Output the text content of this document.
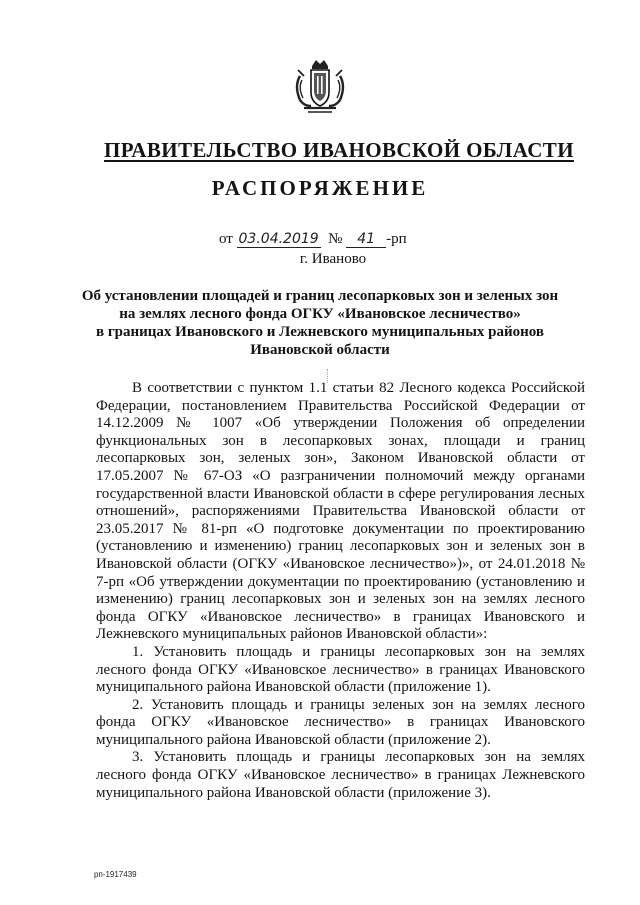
ПРАВИТЕЛЬСТВО ИВАНОВСКОЙ ОБЛАСТИ
РАСПОРЯЖЕНИЕ
от 03.04.2019 № 41 -рп
г. Иваново
Об установлении площадей и границ лесопарковых зон и зеленых зон
на землях лесного фонда ОГКУ «Ивановское лесничество»
в границах Ивановского и Лежневского муниципальных районов
Ивановской области

В соответствии с пунктом 1.1 статьи 82 Лесного кодекса Российской Федерации, постановлением Правительства Российской Федерации от 14.12.2009 № 1007 «Об утверждении Положения об определении функциональных зон в лесопарковых зонах, площади и границ лесопарковых зон, зеленых зон», Законом Ивановской области от 17.05.2007 № 67-ОЗ «О разграничении полномочий между органами государственной власти Ивановской области в сфере регулирования лесных отношений», распоряжениями Правительства Ивановской области от 23.05.2017 № 81-рп «О подготовке документации по проектированию (установлению и изменению) границ лесопарковых зон и зеленых зон в Ивановской области (ОГКУ «Ивановское лесничество»)», от 24.01.2018 № 7-рп «Об утверждении документации по проектированию (установлению и изменению) границ лесопарковых зон и зеленых зон на землях лесного фонда ОГКУ «Ивановское лесничество» в границах Ивановского и Лежневского муниципальных районов Ивановской области»:

1. Установить площадь и границы лесопарковых зон на землях лесного фонда ОГКУ «Ивановское лесничество» в границах Ивановского муниципального района Ивановской области (приложение 1).

2. Установить площадь и границы зеленых зон на землях лесного фонда ОГКУ «Ивановское лесничество» в границах Ивановского муниципального района Ивановской области (приложение 2).

3. Установить площадь и границы лесопарковых зон на землях лесного фонда ОГКУ «Ивановское лесничество» в границах Лежневского муниципального района Ивановской области (приложение 3).

рп-1917439
